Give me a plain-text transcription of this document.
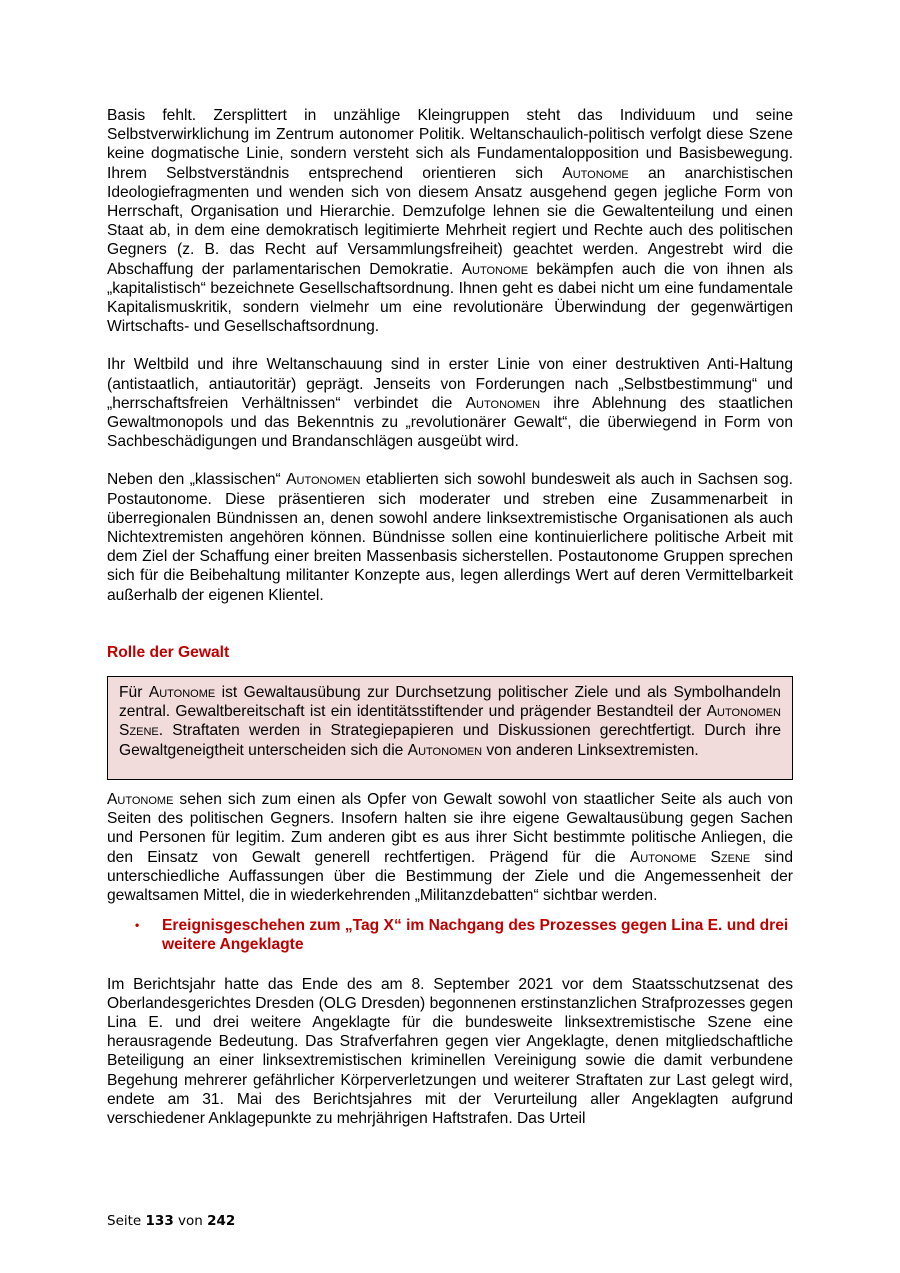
Basis fehlt. Zersplittert in unzählige Kleingruppen steht das Individuum und seine Selbstverwirklichung im Zentrum autonomer Politik. Weltanschaulich-politisch verfolgt diese Szene keine dogmatische Linie, sondern versteht sich als Fundamentalopposition und Basisbewegung. Ihrem Selbstverständnis entsprechend orientieren sich Autonome an anarchistischen Ideologiefragmenten und wenden sich von diesem Ansatz ausgehend gegen jegliche Form von Herrschaft, Organisation und Hierarchie. Demzufolge lehnen sie die Gewaltenteilung und einen Staat ab, in dem eine demokratisch legitimierte Mehrheit regiert und Rechte auch des politischen Gegners (z. B. das Recht auf Versammlungsfreiheit) geachtet werden. Angestrebt wird die Abschaffung der parlamentarischen Demokratie. Autonome bekämpfen auch die von ihnen als „kapitalistisch“ bezeichnete Gesellschaftsordnung. Ihnen geht es dabei nicht um eine fundamentale Kapitalismuskritik, sondern vielmehr um eine revolutionäre Überwindung der gegenwärtigen Wirtschafts- und Gesellschaftsordnung.

Ihr Weltbild und ihre Weltanschauung sind in erster Linie von einer destruktiven Anti-Haltung (antistaatlich, antiautoritär) geprägt. Jenseits von Forderungen nach „Selbstbestimmung“ und „herrschaftsfreien Verhältnissen“ verbindet die Autonomen ihre Ablehnung des staatlichen Gewaltmonopols und das Bekenntnis zu „revolutionärer Gewalt“, die überwiegend in Form von Sachbeschädigungen und Brandanschlägen ausgeübt wird.

Neben den „klassischen“ Autonomen etablierten sich sowohl bundesweit als auch in Sachsen sog. Postautonome. Diese präsentieren sich moderater und streben eine Zusammenarbeit in überregionalen Bündnissen an, denen sowohl andere linksextremistische Organisationen als auch Nichtextremisten angehören können. Bündnisse sollen eine kontinuierlichere politische Arbeit mit dem Ziel der Schaffung einer breiten Massenbasis sicherstellen. Postautonome Gruppen sprechen sich für die Beibehaltung militanter Konzepte aus, legen allerdings Wert auf deren Vermittelbarkeit außerhalb der eigenen Klientel.

Rolle der Gewalt

Für Autonome ist Gewaltausübung zur Durchsetzung politischer Ziele und als Symbolhandeln zentral. Gewaltbereitschaft ist ein identitätsstiftender und prägender Bestandteil der Autonomen Szene. Straftaten werden in Strategiepapieren und Diskussionen gerechtfertigt. Durch ihre Gewaltgeneigtheit unterscheiden sich die Autonomen von anderen Linksextremisten.

Autonome sehen sich zum einen als Opfer von Gewalt sowohl von staatlicher Seite als auch von Seiten des politischen Gegners. Insofern halten sie ihre eigene Gewaltausübung gegen Sachen und Personen für legitim. Zum anderen gibt es aus ihrer Sicht bestimmte politische Anliegen, die den Einsatz von Gewalt generell rechtfertigen. Prägend für die Autonome Szene sind unterschiedliche Auffassungen über die Bestimmung der Ziele und die Angemessenheit der gewaltsamen Mittel, die in wiederkehrenden „Militanzdebatten“ sichtbar werden.

•	Ereignisgeschehen zum „Tag X“ im Nachgang des Prozesses gegen Lina E. und drei weitere Angeklagte

Im Berichtsjahr hatte das Ende des am 8. September 2021 vor dem Staatsschutzsenat des Oberlandesgerichtes Dresden (OLG Dresden) begonnenen erstinstanzlichen Strafprozesses gegen Lina E. und drei weitere Angeklagte für die bundesweite linksextremistische Szene eine herausragende Bedeutung. Das Strafverfahren gegen vier Angeklagte, denen mitgliedschaftliche Beteiligung an einer linksextremistischen kriminellen Vereinigung sowie die damit verbundene Begehung mehrerer gefährlicher Körperverletzungen und weiterer Straftaten zur Last gelegt wird, endete am 31. Mai des Berichtsjahres mit der Verurteilung aller Angeklagten aufgrund verschiedener Anklagepunkte zu mehrjährigen Haftstrafen. Das Urteil

Seite 133 von 242
